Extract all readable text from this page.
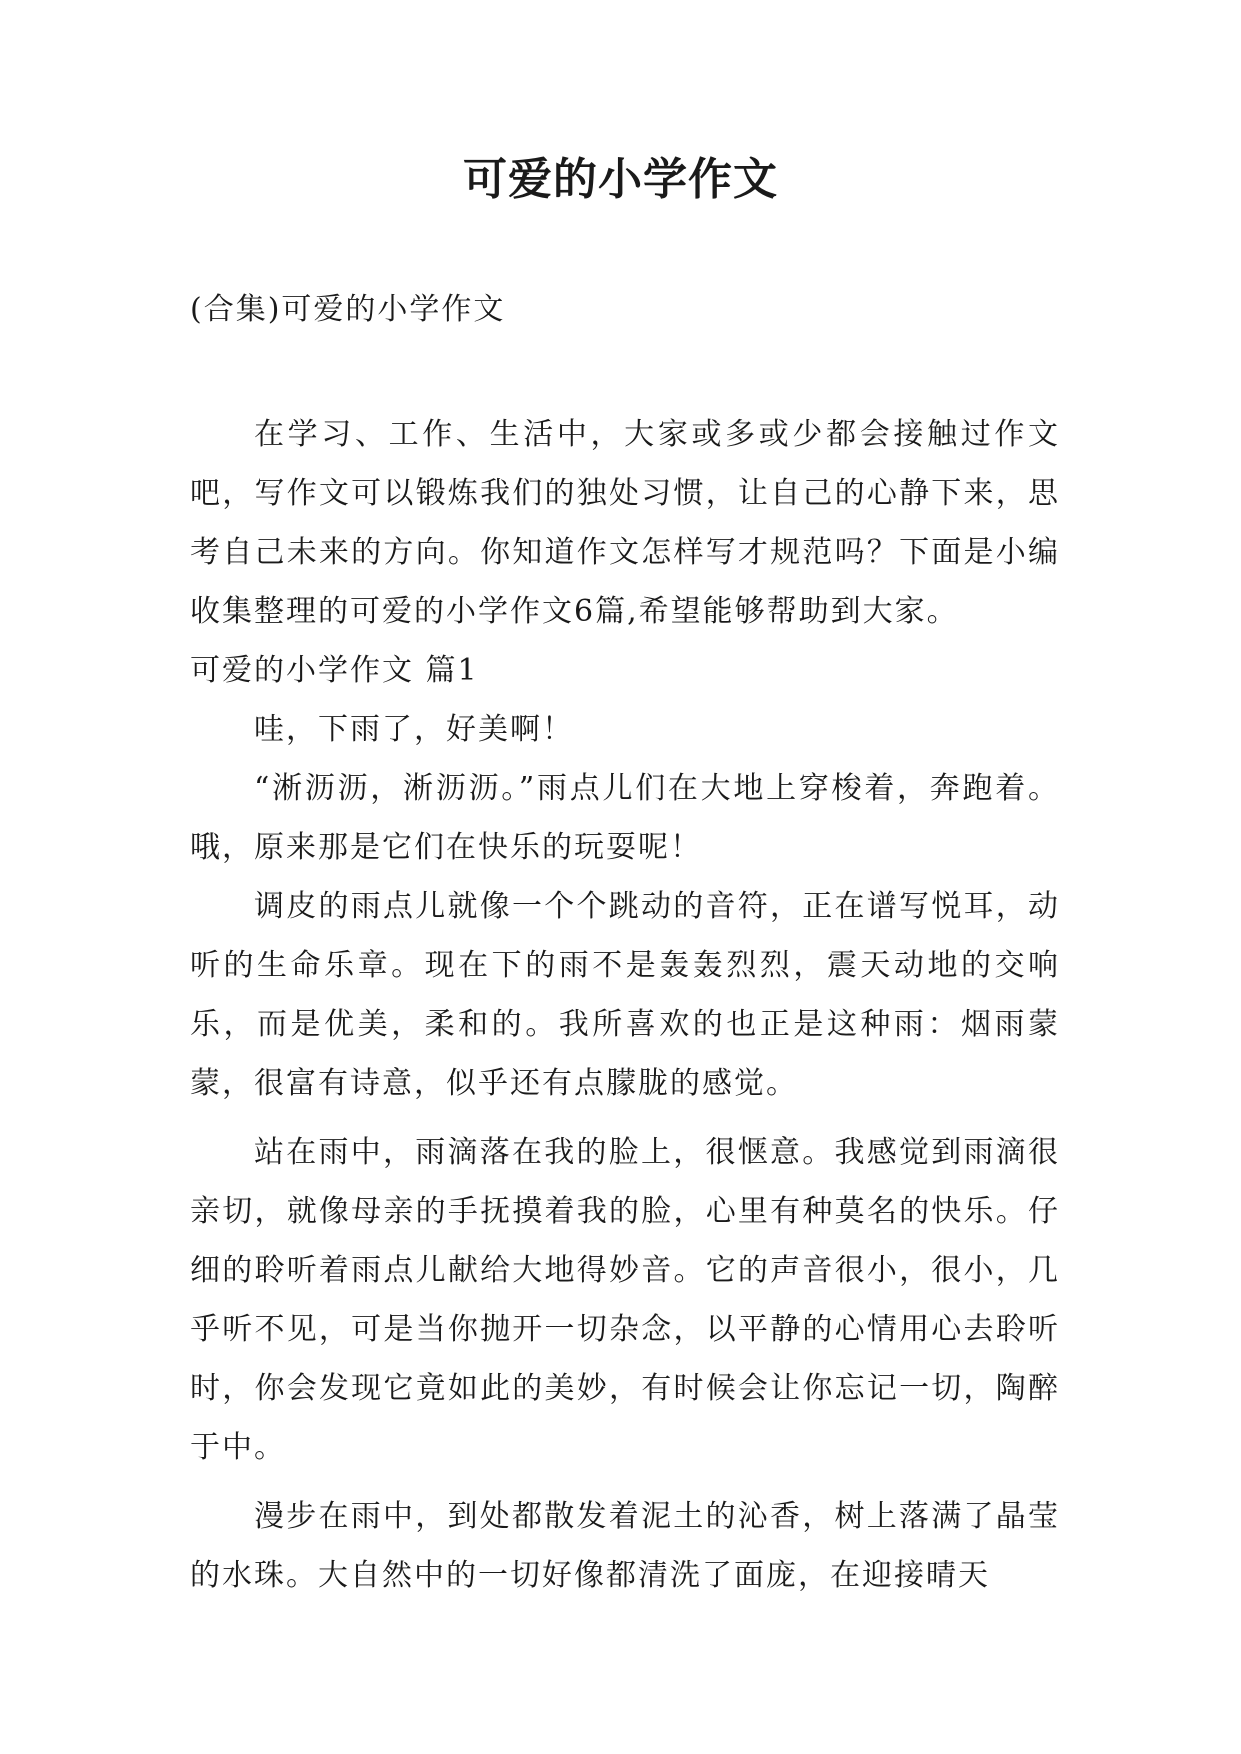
可爱的小学作文
(合集)可爱的小学作文

在学习、工作、生活中，大家或多或少都会接触过作文吧，写作文可以锻炼我们的独处习惯，让自己的心静下来，思考自己未来的方向。你知道作文怎样写才规范吗？下面是小编收集整理的可爱的小学作文6篇,希望能够帮助到大家。

可爱的小学作文 篇1

哇，下雨了，好美啊！

“淅沥沥，淅沥沥。”雨点儿们在大地上穿梭着，奔跑着。哦，原来那是它们在快乐的玩耍呢！

调皮的雨点儿就像一个个跳动的音符，正在谱写悦耳，动听的生命乐章。现在下的雨不是轰轰烈烈，震天动地的交响乐，而是优美，柔和的。我所喜欢的也正是这种雨：烟雨蒙蒙，很富有诗意，似乎还有点朦胧的感觉。

站在雨中，雨滴落在我的脸上，很惬意。我感觉到雨滴很亲切，就像母亲的手抚摸着我的脸，心里有种莫名的快乐。仔细的聆听着雨点儿献给大地得妙音。它的声音很小，很小，几乎听不见，可是当你抛开一切杂念，以平静的心情用心去聆听时，你会发现它竟如此的美妙，有时候会让你忘记一切，陶醉于中。

漫步在雨中，到处都散发着泥土的沁香，树上落满了晶莹的水珠。大自然中的一切好像都清洗了面庞，在迎接晴天
